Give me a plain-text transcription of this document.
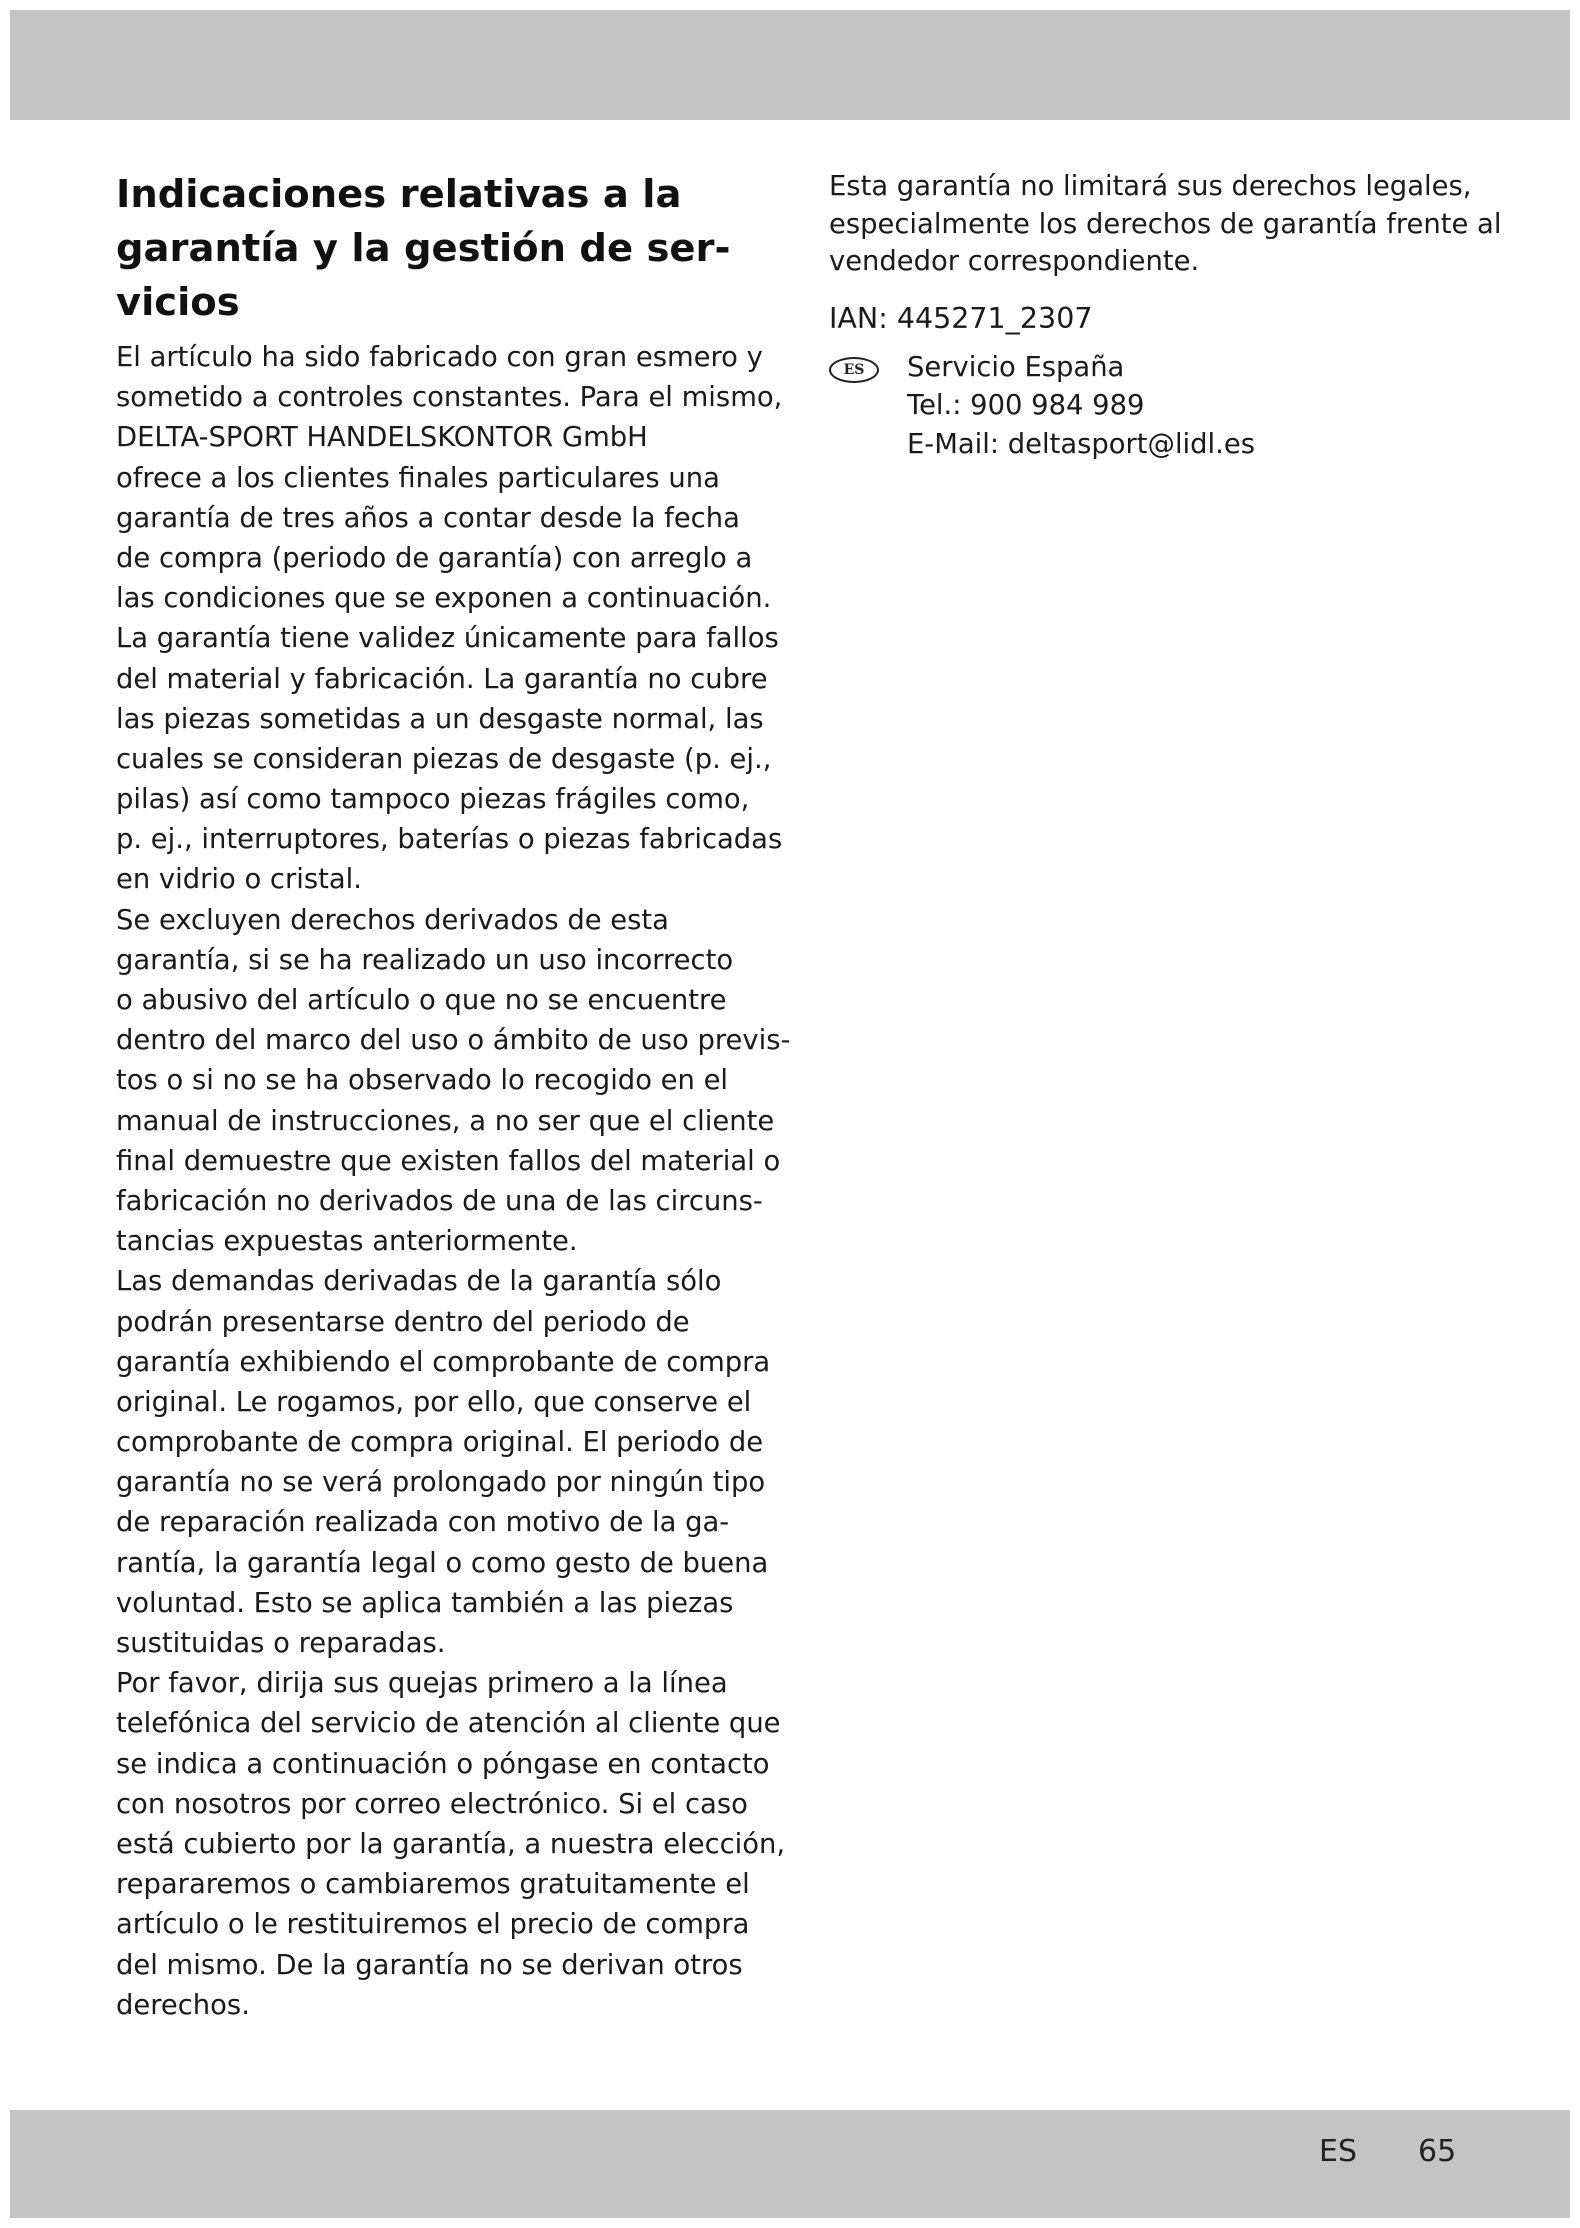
Indicaciones relativas a la
garantía y la gestión de ser-
vicios
El artículo ha sido fabricado con gran esmero y
sometido a controles constantes. Para el mismo,
DELTA-SPORT HANDELSKONTOR GmbH
ofrece a los clientes finales particulares una
garantía de tres años a contar desde la fecha
de compra (periodo de garantía) con arreglo a
las condiciones que se exponen a continuación.
La garantía tiene validez únicamente para fallos
del material y fabricación. La garantía no cubre
las piezas sometidas a un desgaste normal, las
cuales se consideran piezas de desgaste (p. ej.,
pilas) así como tampoco piezas frágiles como,
p. ej., interruptores, baterías o piezas fabricadas
en vidrio o cristal.
Se excluyen derechos derivados de esta
garantía, si se ha realizado un uso incorrecto
o abusivo del artículo o que no se encuentre
dentro del marco del uso o ámbito de uso previs-
tos o si no se ha observado lo recogido en el
manual de instrucciones, a no ser que el cliente
final demuestre que existen fallos del material o
fabricación no derivados de una de las circuns-
tancias expuestas anteriormente.
Las demandas derivadas de la garantía sólo
podrán presentarse dentro del periodo de
garantía exhibiendo el comprobante de compra
original. Le rogamos, por ello, que conserve el
comprobante de compra original. El periodo de
garantía no se verá prolongado por ningún tipo
de reparación realizada con motivo de la ga-
rantía, la garantía legal o como gesto de buena
voluntad. Esto se aplica también a las piezas
sustituidas o reparadas.
Por favor, dirija sus quejas primero a la línea
telefónica del servicio de atención al cliente que
se indica a continuación o póngase en contacto
con nosotros por correo electrónico. Si el caso
está cubierto por la garantía, a nuestra elección,
repararemos o cambiaremos gratuitamente el
artículo o le restituiremos el precio de compra
del mismo. De la garantía no se derivan otros
derechos.
Esta garantía no limitará sus derechos legales,
especialmente los derechos de garantía frente al
vendedor correspondiente.
IAN: 445271_2307
ES	Servicio España
Tel.: 900 984 989
E-Mail: deltasport@lidl.es
ES 65
